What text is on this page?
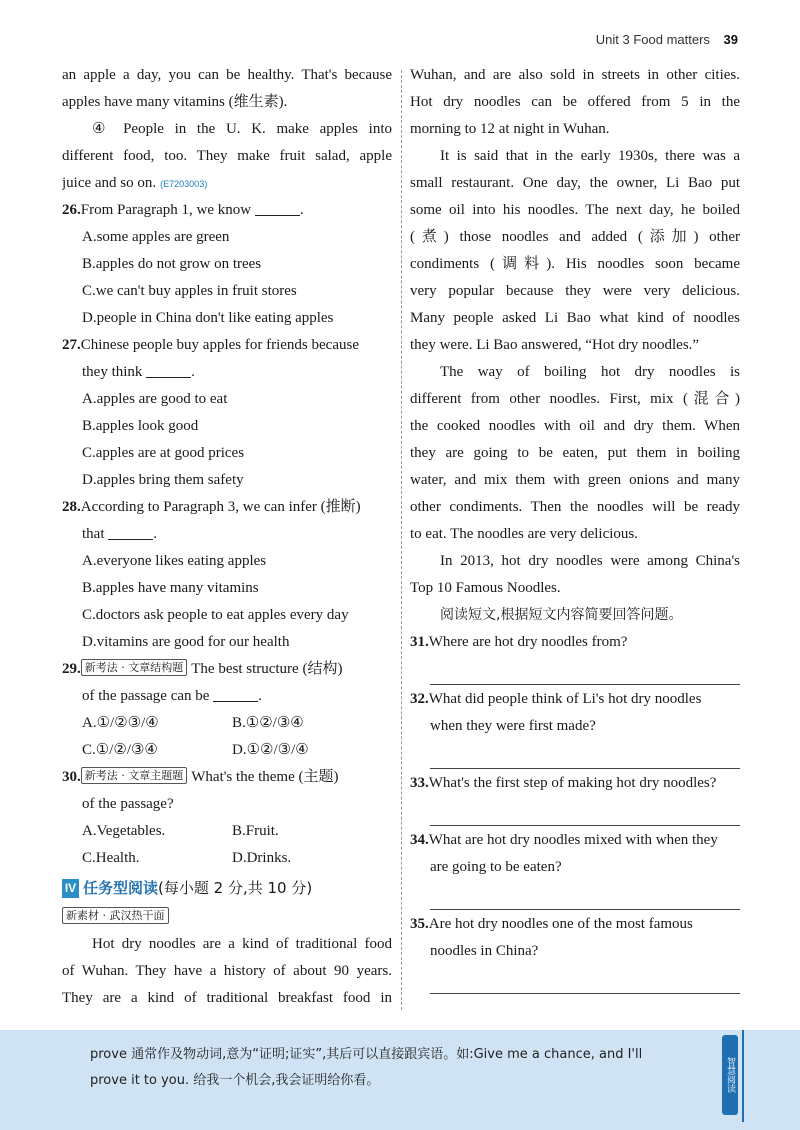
Unit 3 Food matters 39
an apple a day, you can be healthy. That's because
apples have many vitamins (维生素).
④ People in the U. K. make apples into
different food, too. They make fruit salad, apple
juice and so on. (E7203003)
26.From Paragraph 1, we know	.
A.some apples are green
B.apples do not grow on trees
C.we can't buy apples in fruit stores
D.people in China don't like eating apples
27.Chinese people buy apples for friends because
they think	.
A.apples are good to eat
B.apples look good
C.apples are at good prices
D.apples bring them safety
28.According to Paragraph 3, we can infer (推断)
that	.
A.everyone likes eating apples
B.apples have many vitamins
C.doctors ask people to eat apples every day
D.vitamins are good for our health
29. 新考法 · 文章结构题 The best structure (结构)
of the passage can be	.
A.①/②③/④	B.①②/③④
C.①/②/③④	D.①②/③/④
30. 新考法 · 文章主题题 What's the theme (主题)
of the passage?
A.Vegetables.	B.Fruit.
C.Health.	D.Drinks.
IV 任务型阅读 (每小题 2 分,共 10 分)
新素材 · 武汉热干面
Hot dry noodles are a kind of traditional food
of Wuhan. They have a history of about 90 years.
They are a kind of traditional breakfast food in
Wuhan, and are also sold in streets in other cities.
Hot dry noodles can be offered from 5 in the
morning to 12 at night in Wuhan.
It is said that in the early 1930s, there was a
small restaurant. One day, the owner, Li Bao put
some oil into his noodles. The next day, he boiled
(煮) those noodles and added (添加) other
condiments (调料). His noodles soon became
very popular because they were very delicious.
Many people asked Li Bao what kind of noodles
they were. Li Bao answered, “Hot dry noodles.”
The way of boiling hot dry noodles is
different from other noodles. First, mix (混合)
the cooked noodles with oil and dry them. When
they are going to be eaten, put them in boiling
water, and mix them with green onions and many
other condiments. Then the noodles will be ready
to eat. The noodles are very delicious.
In 2013, hot dry noodles were among China's
Top 10 Famous Noodles.
阅读短文,根据短文内容简要回答问题。
31.Where are hot dry noodles from?
32.What did people think of Li's hot dry noodles
when they were first made?
33.What's the first step of making hot dry noodles?
34.What are hot dry noodles mixed with when they
are going to be eaten?
35.Are hot dry noodles one of the most famous
noodles in China?
prove 通常作及物动词,意为“证明;证实”,其后可以直接跟宾语。如:Give me a chance, and I'll
prove it to you. 给我一个机会,我会证明给你看。	智慧阅读
